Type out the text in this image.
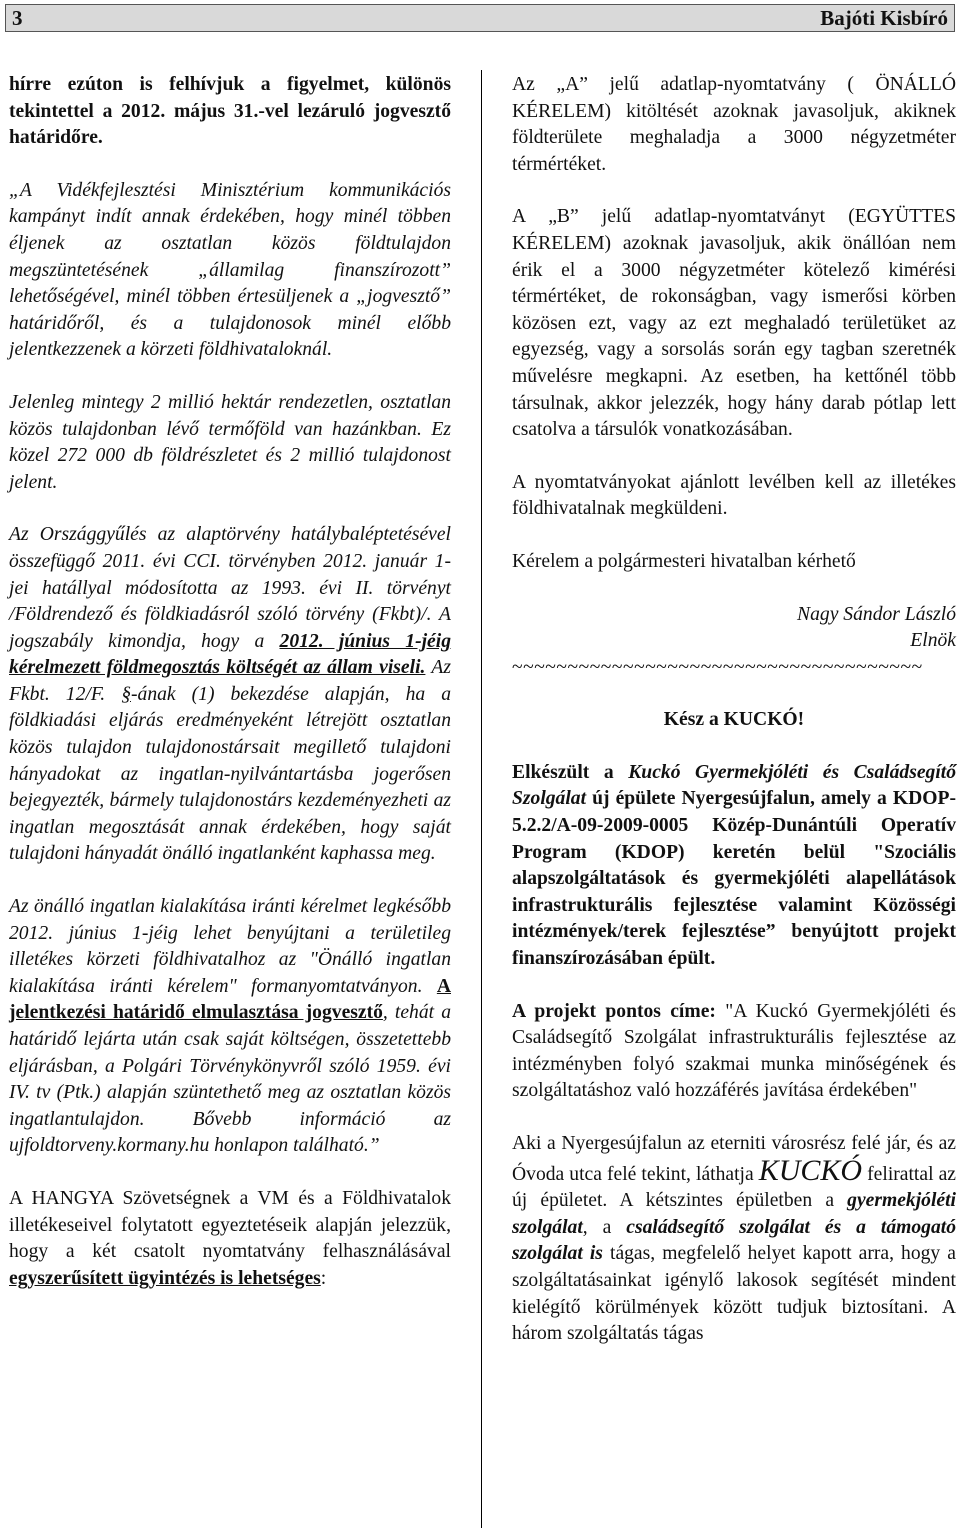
3	Bajóti Kisbíró

hírre ezúton is felhívjuk a figyelmet, különös tekintettel a 2012. május 31.-vel lezáruló jogvesztő határidőre.

„A Vidékfejlesztési Minisztérium kommunikációs kampányt indít annak érdekében, hogy minél többen éljenek az osztatlan közös földtulajdon megszüntetésének „államilag finanszírozott” lehetőségével, minél többen értesüljenek a „jogvesztő” határidőről, és a tulajdonosok minél előbb jelentkezzenek a körzeti földhivataloknál.

Jelenleg mintegy 2 millió hektár rendezetlen, osztatlan közös tulajdonban lévő termőföld van hazánkban. Ez közel 272 000 db földrészletet és 2 millió tulajdonost jelent.

Az Országgyűlés az alaptörvény hatálybaléptetésével összefüggő 2011. évi CCI. törvényben 2012. január 1-jei hatállyal módosította az 1993. évi II. törvényt /Földrendező és földkiadásról szóló törvény (Fkbt)/. A jogszabály kimondja, hogy a 2012. június 1-jéig kérelmezett földmegosztás költségét az állam viseli. Az Fkbt. 12/F. §-ának (1) bekezdése alapján, ha a földkiadási eljárás eredményeként létrejött osztatlan közös tulajdon tulajdonostársait megillető tulajdoni hányadokat az ingatlan-nyilvántartásba jogerősen bejegyezték, bármely tulajdonostárs kezdeményezheti az ingatlan megosztását annak érdekében, hogy saját tulajdoni hányadát önálló ingatlanként kaphassa meg.

Az önálló ingatlan kialakítása iránti kérelmet legkésőbb 2012. június 1-jéig lehet benyújtani a területileg illetékes körzeti földhivatalhoz az "Önálló ingatlan kialakítása iránti kérelem" formanyomtatványon. A jelentkezési határidő elmulasztása jogvesztő, tehát a határidő lejárta után csak saját költségen, összetettebb eljárásban, a Polgári Törvénykönyvről szóló 1959. évi IV. tv (Ptk.) alapján szüntethető meg az osztatlan közös ingatlantulajdon. Bővebb információ az ujfoldtorveny.kormany.hu honlapon található.”

A HANGYA Szövetségnek a VM és a Földhivatalok illetékeseivel folytatott egyeztetéseik alapján jelezzük, hogy a két csatolt nyomtatvány felhasználásával egyszerűsített ügyintézés is lehetséges:

Az „A” jelű adatlap-nyomtatvány ( ÖNÁLLÓ KÉRELEM) kitöltését azoknak javasoljuk, akiknek földterülete meghaladja a 3000 négyzetméter térmértéket.

A „B” jelű adatlap-nyomtatványt (EGYÜTTES KÉRELEM) azoknak javasoljuk, akik önállóan nem érik el a 3000 négyzetméter kötelező kimérési térmértéket, de rokonságban, vagy ismerősi körben közösen ezt, vagy az ezt meghaladó területüket az egyezség, vagy a sorsolás során egy tagban szeretnék művelésre megkapni. Az esetben, ha kettőnél több társulnak, akkor jelezzék, hogy hány darab pótlap lett csatolva a társulók vonatkozásában.

A nyomtatványokat ajánlott levélben kell az illetékes földhivatalnak megküldeni.

Kérelem a polgármesteri hivatalban kérhető

Nagy Sándor László

Elnök

~~~~~~~~~~~~~~~~~~~~~~~~~~~~~~~~~~~~~

Kész a KUCKÓ!

Elkészült a Kuckó Gyermekjóléti és Családsegítő Szolgálat új épülete Nyergesújfalun, amely a KDOP-5.2.2/A-09-2009-0005 Közép-Dunántúli Operatív Program (KDOP) keretén belül "Szociális alapszolgáltatások és gyermekjóléti alapellátások infrastrukturális fejlesztése valamint Közösségi intézmények/terek fejlesztése” benyújtott projekt finanszírozásában épült.

A projekt pontos címe: "A Kuckó Gyermekjóléti és Családsegítő Szolgálat infrastrukturális fejlesztése az intézményben folyó szakmai munka minőségének és szolgáltatáshoz való hozzáférés javítása érdekében"

Aki a Nyergesújfalun az eterniti városrész felé jár, és az Óvoda utca felé tekint, láthatja KUCKÓ felirattal az új épületet. A kétszintes épületben a gyermekjóléti szolgálat, a családsegítő szolgálat és a támogató szolgálat is tágas, megfelelő helyet kapott arra, hogy a szolgáltatásainkat igénylő lakosok segítését mindent kielégítő körülmények között tudjuk biztosítani. A három szolgáltatás tágas
